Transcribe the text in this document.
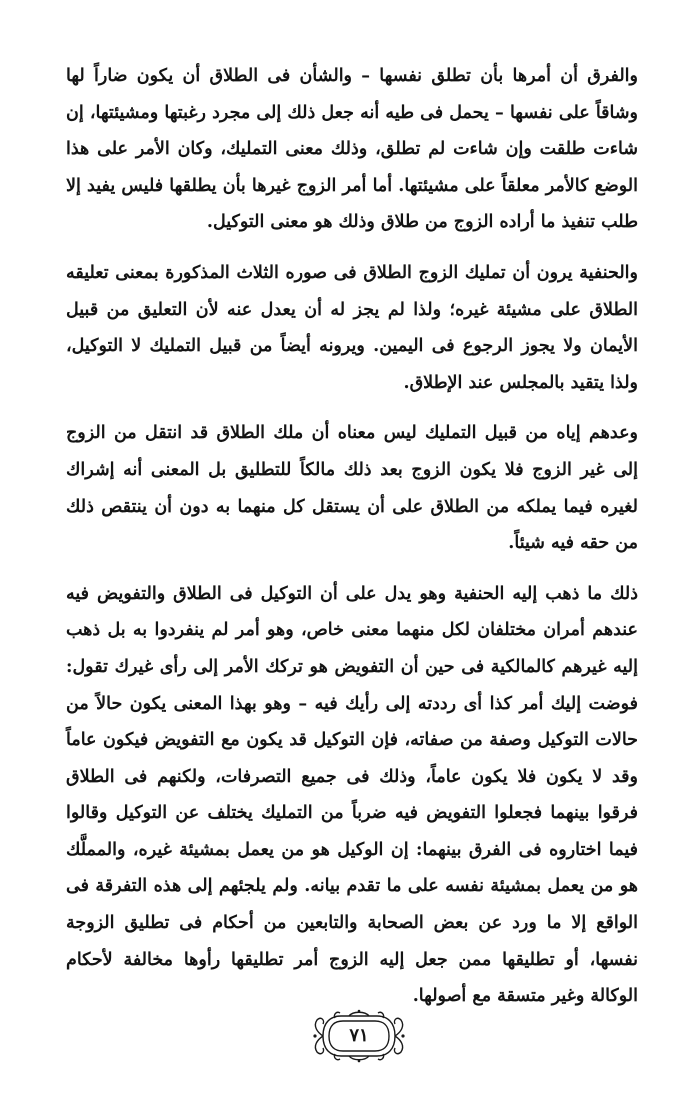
والفرق أن أمرها بأن تطلق نفسها – والشأن فى الطلاق أن يكون ضاراً لها وشاقاً على نفسها – يحمل فى طيه أنه جعل ذلك إلى مجرد رغبتها ومشيئتها، إن شاءت طلقت وإن شاءت لم تطلق، وذلك معنى التمليك، وكان الأمر على هذا الوضع كالأمر معلقاً على مشيئتها. أما أمر الزوج غيرها بأن يطلقها فليس يفيد إلا طلب تنفيذ ما أراده الزوج من طلاق وذلك هو معنى التوكيل.

والحنفية يرون أن تمليك الزوج الطلاق فى صوره الثلاث المذكورة بمعنى تعليقه الطلاق على مشيئة غيره؛ ولذا لم يجز له أن يعدل عنه لأن التعليق من قبيل الأيمان ولا يجوز الرجوع فى اليمين. ويرونه أيضاً من قبيل التمليك لا التوكيل، ولذا يتقيد بالمجلس عند الإطلاق.

وعدهم إياه من قبيل التمليك ليس معناه أن ملك الطلاق قد انتقل من الزوج إلى غير الزوج فلا يكون الزوج بعد ذلك مالكاً للتطليق بل المعنى أنه إشراك لغيره فيما يملكه من الطلاق على أن يستقل كل منهما به دون أن ينتقص ذلك من حقه فيه شيئاً.

ذلك ما ذهب إليه الحنفية وهو يدل على أن التوكيل فى الطلاق والتفويض فيه عندهم أمران مختلفان لكل منهما معنى خاص، وهو أمر لم ينفردوا به بل ذهب إليه غيرهم كالمالكية فى حين أن التفويض هو تركك الأمر إلى رأى غيرك تقول: فوضت إليك أمر كذا أى رددته إلى رأيك فيه – وهو بهذا المعنى يكون حالاً من حالات التوكيل وصفة من صفاته، فإن التوكيل قد يكون مع التفويض فيكون عاماً وقد لا يكون فلا يكون عاماً، وذلك فى جميع التصرفات، ولكنهم فى الطلاق فرقوا بينهما فجعلوا التفويض فيه ضرباً من التمليك يختلف عن التوكيل وقالوا فيما اختاروه فى الفرق بينهما: إن الوكيل هو من يعمل بمشيئة غيره، والمملَّك هو من يعمل بمشيئة نفسه على ما تقدم بيانه. ولم يلجئهم إلى هذه التفرقة فى الواقع إلا ما ورد عن بعض الصحابة والتابعين من أحكام فى تطليق الزوجة نفسها، أو تطليقها ممن جعل إليه الزوج أمر تطليقها رأوها مخالفة لأحكام الوكالة وغير متسقة مع أصولها.

٧١
